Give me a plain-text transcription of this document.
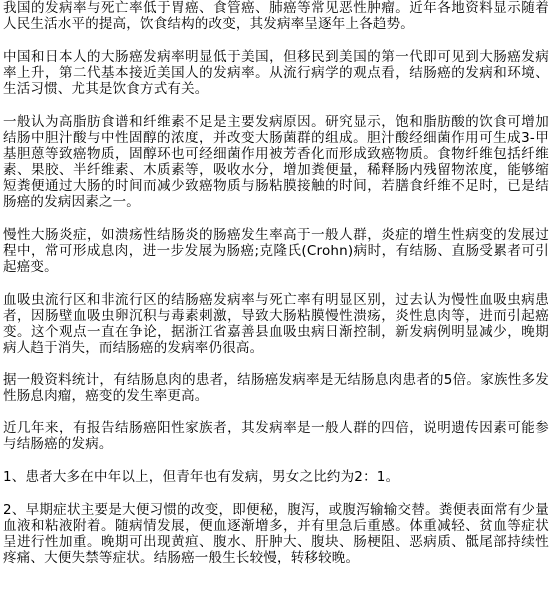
我国的发病率与死亡率低于胃癌、食管癌、肺癌等常见恶性肿瘤。近年各地资料显示随着人民生活水平的提高，饮食结构的改变，其发病率呈逐年上各趋势。

中国和日本人的大肠癌发病率明显低于美国，但移民到美国的第一代即可见到大肠癌发病率上升，第二代基本接近美国人的发病率。从流行病学的观点看，结肠癌的发病和环境、生活习惯、尤其是饮食方式有关。

一般认为高脂肪食谱和纤维素不足是主要发病原因。研究显示，饱和脂肪酸的饮食可增加结肠中胆汁酸与中性固醇的浓度，并改变大肠菌群的组成。胆汁酸经细菌作用可生成3-甲基胆蒽等致癌物质，固醇环也可经细菌作用被芳香化而形成致癌物质。食物纤维包括纤维素、果胶、半纤维素、木质素等，吸收水分，增加粪便量，稀释肠内残留物浓度，能够缩短粪便通过大肠的时间而减少致癌物质与肠粘膜接触的时间，若膳食纤维不足时，已是结肠癌的发病因素之一。

慢性大肠炎症，如溃疡性结肠炎的肠癌发生率高于一般人群，炎症的增生性病变的发展过程中，常可形成息肉，进一步发展为肠癌;克隆氏(Crohn)病时，有结肠、直肠受累者可引起癌变。

血吸虫流行区和非流行区的结肠癌发病率与死亡率有明显区别，过去认为慢性血吸虫病患者，因肠壁血吸虫卵沉积与毒素刺激，导致大肠粘膜慢性溃疡，炎性息肉等，进而引起癌变。这个观点一直在争论，据浙江省嘉善县血吸虫病日渐控制，新发病例明显减少，晚期病人趋于消失，而结肠癌的发病率仍很高。

据一般资料统计，有结肠息肉的患者，结肠癌发病率是无结肠息肉患者的5倍。家族性多发性肠息肉瘤，癌变的发生率更高。

近几年来，有报告结肠癌阳性家族者，其发病率是一般人群的四倍，说明遗传因素可能参与结肠癌的发病。

1、患者大多在中年以上，但青年也有发病，男女之比约为2：1。

2、早期症状主要是大便习惯的改变，即便秘，腹泻，或腹泻输输交替。粪便表面常有少量血液和粘液附着。随病情发展，便血逐渐增多，并有里急后重感。体重减轻、贫血等症状呈进行性加重。晚期可出现黄疸、腹水、肝肿大、腹块、肠梗阻、恶病质、骶尾部持续性疼痛、大便失禁等症状。结肠癌一般生长较慢，转移较晚。
